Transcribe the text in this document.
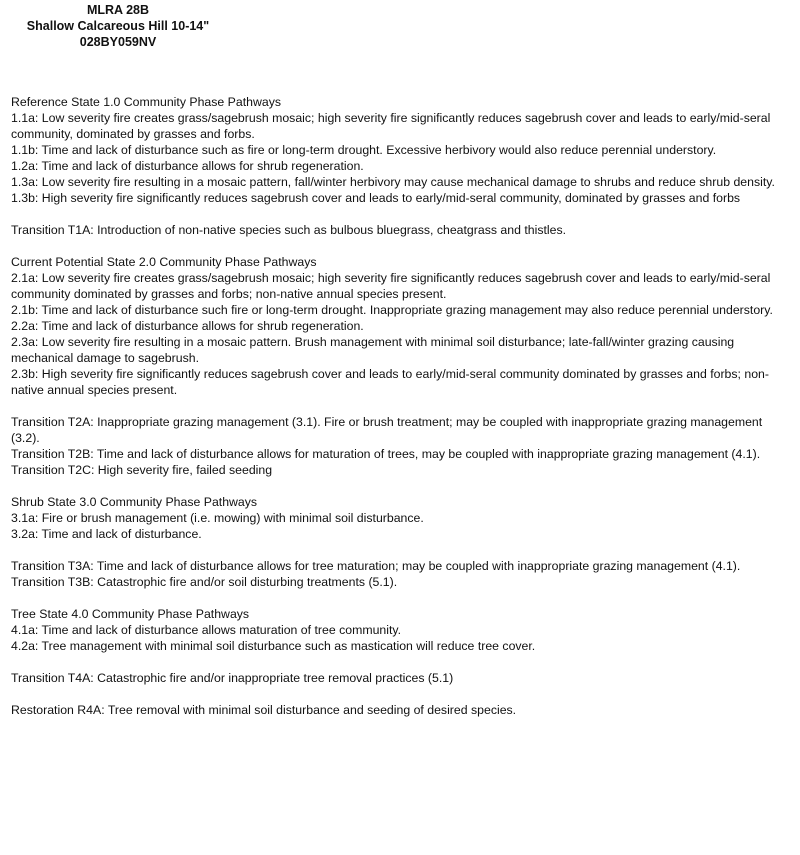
MLRA 28B
Shallow Calcareous Hill 10-14"
028BY059NV
Reference State 1.0 Community Phase Pathways
1.1a: Low severity fire creates grass/sagebrush mosaic; high severity fire significantly reduces sagebrush cover and leads to early/mid-seral community, dominated by grasses and forbs.
1.1b: Time and lack of disturbance such as fire or long-term drought. Excessive herbivory would also reduce perennial understory.
1.2a: Time and lack of disturbance allows for shrub regeneration.
1.3a: Low severity fire resulting in a mosaic pattern, fall/winter herbivory may cause mechanical damage to shrubs and reduce shrub density.
1.3b: High severity fire significantly reduces sagebrush cover and leads to early/mid-seral community, dominated by grasses and forbs
Transition T1A: Introduction of non-native species such as bulbous bluegrass, cheatgrass and thistles.
Current Potential State 2.0 Community Phase Pathways
2.1a: Low severity fire creates grass/sagebrush mosaic; high severity fire significantly reduces sagebrush cover and leads to early/mid-seral community dominated by grasses and forbs; non-native annual species present.
2.1b: Time and lack of disturbance such fire or long-term drought. Inappropriate grazing management may also reduce perennial understory.
2.2a: Time and lack of disturbance allows for shrub regeneration.
2.3a: Low severity fire resulting in a mosaic pattern. Brush management with minimal soil disturbance; late-fall/winter grazing causing mechanical damage to sagebrush.
2.3b: High severity fire significantly reduces sagebrush cover and leads to early/mid-seral community dominated by grasses and forbs; non-native annual species present.
Transition T2A: Inappropriate grazing management (3.1). Fire or brush treatment; may be coupled with inappropriate grazing management (3.2).
Transition T2B: Time and lack of disturbance allows for maturation of trees, may be coupled with inappropriate grazing management (4.1).
Transition T2C: High severity fire, failed seeding
Shrub State 3.0 Community Phase Pathways
3.1a: Fire or brush management (i.e. mowing) with minimal soil disturbance.
3.2a: Time and lack of disturbance.
Transition T3A: Time and lack of disturbance allows for tree maturation; may be coupled with inappropriate grazing management (4.1).
Transition T3B: Catastrophic fire and/or soil disturbing treatments (5.1).
Tree State 4.0 Community Phase Pathways
4.1a: Time and lack of disturbance allows maturation of tree community.
4.2a: Tree management with minimal soil disturbance such as mastication will reduce tree cover.
Transition T4A: Catastrophic fire and/or inappropriate tree removal practices (5.1)
Restoration R4A: Tree removal with minimal soil disturbance and seeding of desired species.
